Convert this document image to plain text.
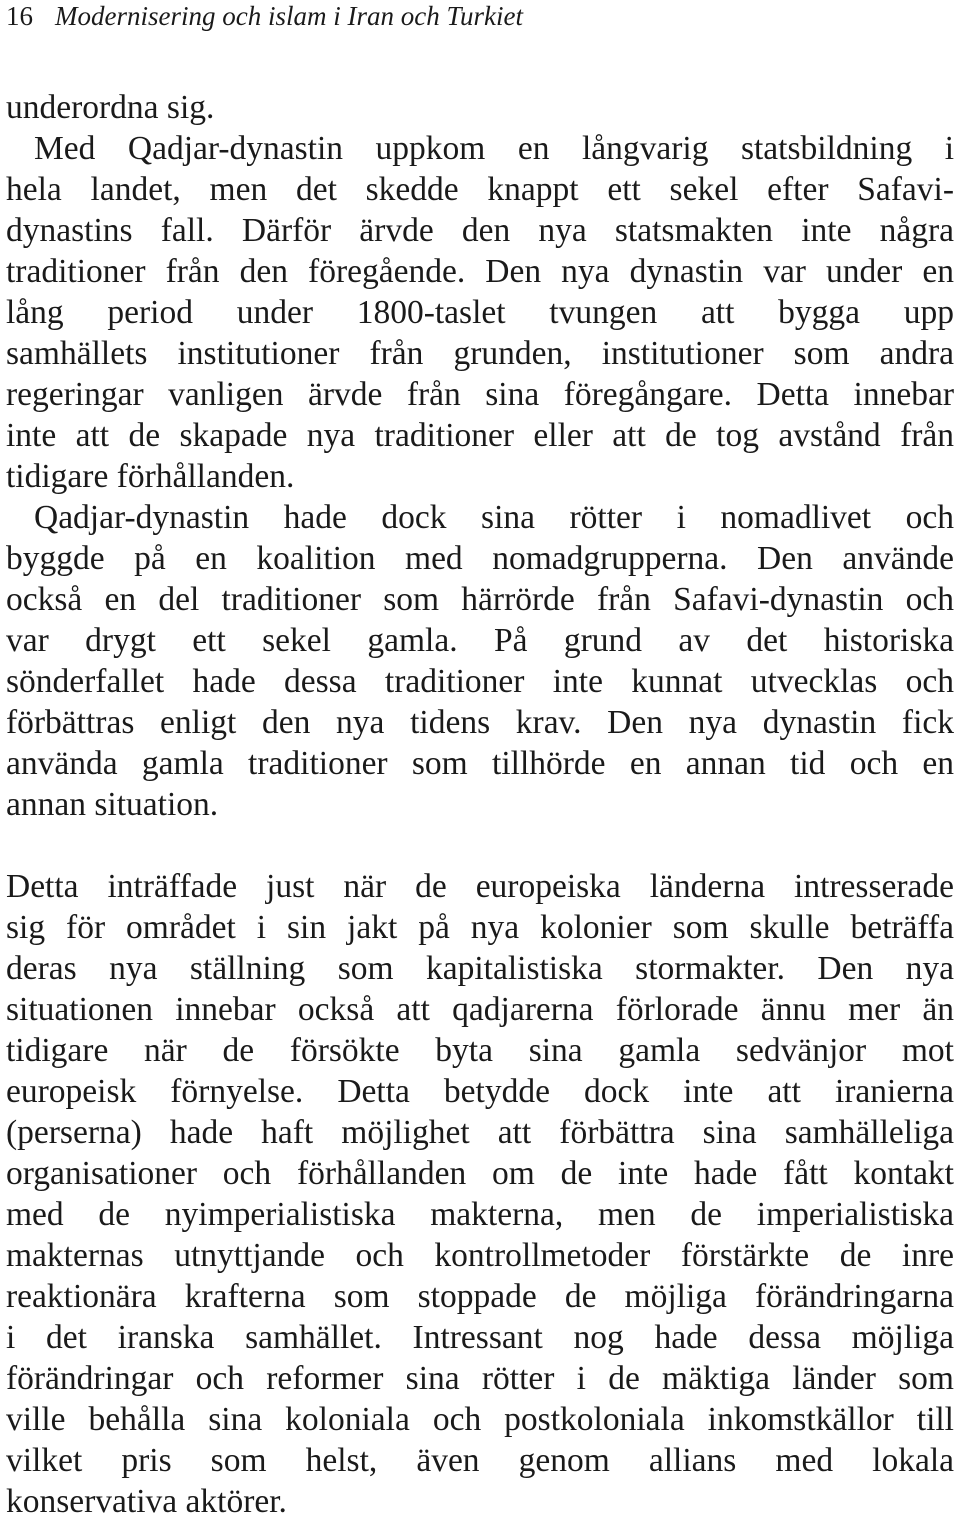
16 Modernisering och islam i Iran och Turkiet
underordna sig.
Med Qadjar-dynastin uppkom en långvarig statsbildning i
hela landet, men det skedde knappt ett sekel efter Safavi-
dynastins fall. Därför ärvde den nya statsmakten inte några
traditioner från den föregående. Den nya dynastin var under en
lång period under 1800-taslet tvungen att bygga upp
samhällets institutioner från grunden, institutioner som andra
regeringar vanligen ärvde från sina föregångare. Detta innebar
inte att de skapade nya traditioner eller att de tog avstånd från
tidigare förhållanden.
Qadjar-dynastin hade dock sina rötter i nomadlivet och
byggde på en koalition med nomadgrupperna. Den använde
också en del traditioner som härrörde från Safavi-dynastin och
var drygt ett sekel gamla. På grund av det historiska
sönderfallet hade dessa traditioner inte kunnat utvecklas och
förbättras enligt den nya tidens krav. Den nya dynastin fick
använda gamla traditioner som tillhörde en annan tid och en
annan situation.
Detta inträffade just när de europeiska länderna intresserade
sig för området i sin jakt på nya kolonier som skulle beträffa
deras nya ställning som kapitalistiska stormakter. Den nya
situationen innebar också att qadjarerna förlorade ännu mer än
tidigare när de försökte byta sina gamla sedvänjor mot
europeisk förnyelse. Detta betydde dock inte att iranierna
(perserna) hade haft möjlighet att förbättra sina samhälleliga
organisationer och förhållanden om de inte hade fått kontakt
med de nyimperialistiska makterna, men de imperialistiska
makternas utnyttjande och kontrollmetoder förstärkte de inre
reaktionära krafterna som stoppade de möjliga förändringarna
i det iranska samhället. Intressant nog hade dessa möjliga
förändringar och reformer sina rötter i de mäktiga länder som
ville behålla sina koloniala och postkoloniala inkomstkällor till
vilket pris som helst, även genom allians med lokala
konservativa aktörer.
